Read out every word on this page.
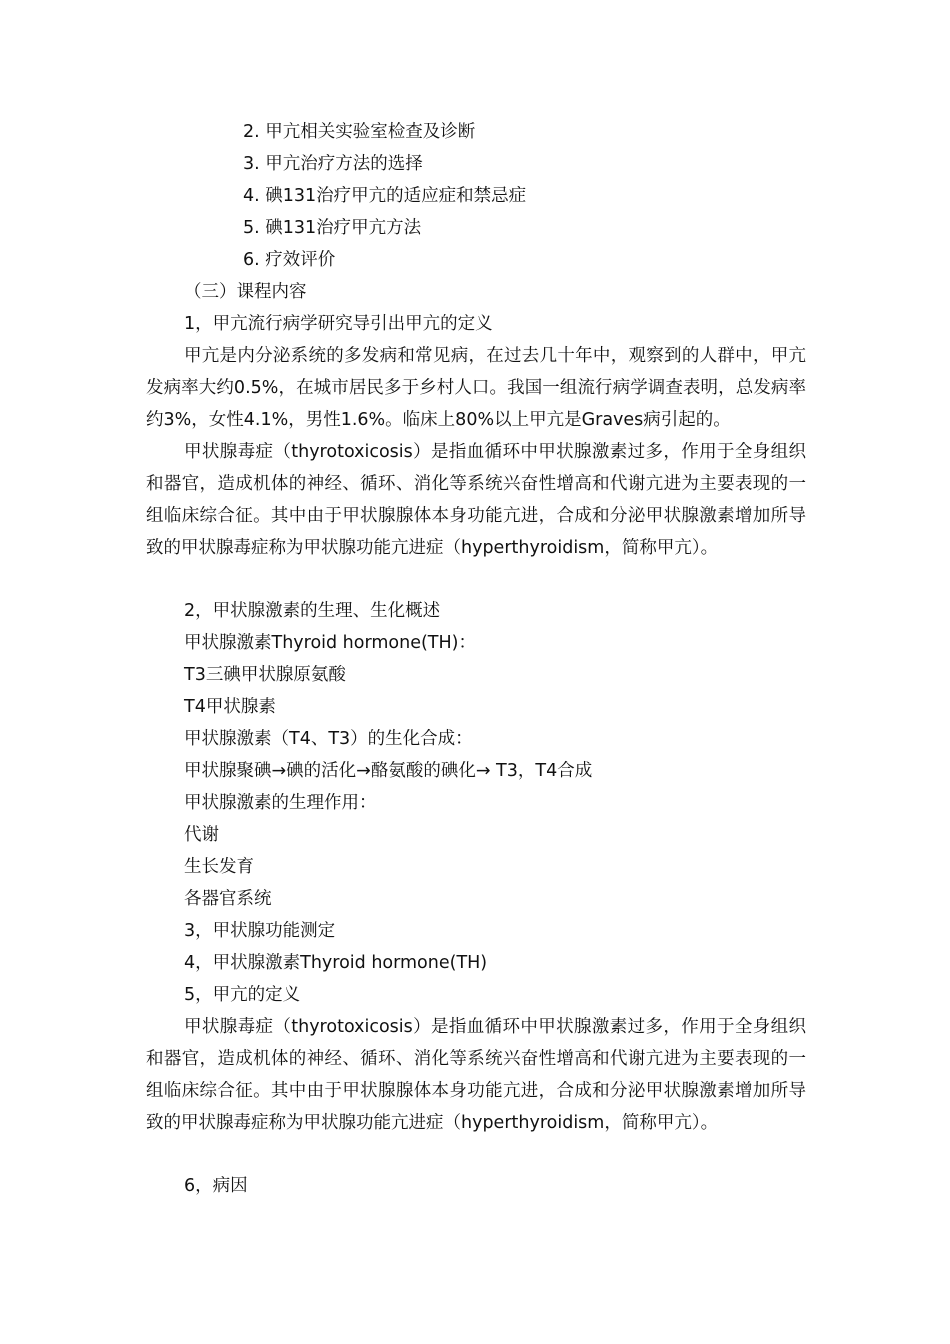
2. 甲亢相关实验室检查及诊断
3. 甲亢治疗方法的选择
4. 碘131治疗甲亢的适应症和禁忌症
5. 碘131治疗甲亢方法
6. 疗效评价
（三）课程内容
1，甲亢流行病学研究导引出甲亢的定义
甲亢是内分泌系统的多发病和常见病，在过去几十年中，观察到的人群中，甲亢发病率大约0.5%，在城市居民多于乡村人口。我国一组流行病学调查表明，总发病率约3%，女性4.1%，男性1.6%。临床上80%以上甲亢是Graves病引起的。
甲状腺毒症（thyrotoxicosis）是指血循环中甲状腺激素过多，作用于全身组织和器官，造成机体的神经、循环、消化等系统兴奋性增高和代谢亢进为主要表现的一组临床综合征。其中由于甲状腺腺体本身功能亢进，合成和分泌甲状腺激素增加所导致的甲状腺毒症称为甲状腺功能亢进症（hyperthyroidism，简称甲亢）。
2，甲状腺激素的生理、生化概述
甲状腺激素Thyroid hormone(TH)：
T3三碘甲状腺原氨酸
T4甲状腺素
甲状腺激素（T4、T3）的生化合成：
甲状腺聚碘→碘的活化→酪氨酸的碘化→ T3，T4合成
甲状腺激素的生理作用：
代谢
生长发育
各器官系统
3，甲状腺功能测定
4，甲状腺激素Thyroid hormone(TH)
5，甲亢的定义
甲状腺毒症（thyrotoxicosis）是指血循环中甲状腺激素过多，作用于全身组织和器官，造成机体的神经、循环、消化等系统兴奋性增高和代谢亢进为主要表现的一组临床综合征。其中由于甲状腺腺体本身功能亢进，合成和分泌甲状腺激素增加所导致的甲状腺毒症称为甲状腺功能亢进症（hyperthyroidism，简称甲亢）。
6，病因
